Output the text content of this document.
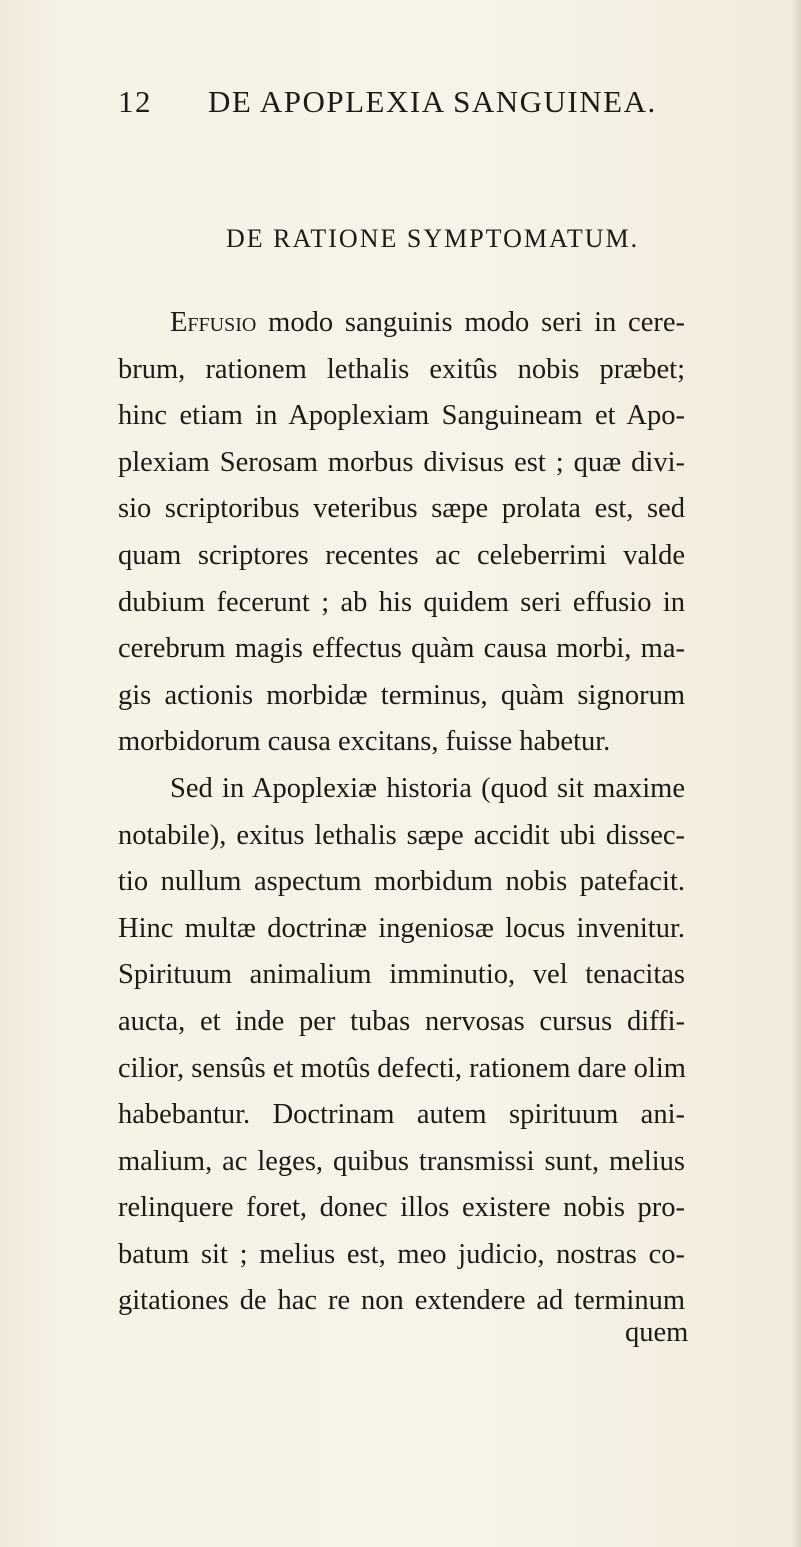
12 DE APOPLEXIA SANGUINEA.
DE RATIONE SYMPTOMATUM.
Effusio modo sanguinis modo seri in cere-
brum, rationem lethalis exitûs nobis præbet;
hinc etiam in Apoplexiam Sanguineam et Apo-
plexiam Serosam morbus divisus est ; quæ divi-
sio scriptoribus veteribus sæpe prolata est, sed
quam scriptores recentes ac celeberrimi valde
dubium fecerunt ; ab his quidem seri effusio in
cerebrum magis effectus quàm causa morbi, ma-
gis actionis morbidæ terminus, quàm signorum
morbidorum causa excitans, fuisse habetur.
Sed in Apoplexiæ historia (quod sit maxime
notabile), exitus lethalis sæpe accidit ubi dissec-
tio nullum aspectum morbidum nobis patefacit.
Hinc multæ doctrinæ ingeniosæ locus invenitur.
Spirituum animalium imminutio, vel tenacitas
aucta, et inde per tubas nervosas cursus diffi-
cilior, sensûs et motûs defecti, rationem dare olim
habebantur. Doctrinam autem spirituum ani-
malium, ac leges, quibus transmissi sunt, melius
relinquere foret, donec illos existere nobis pro-
batum sit ; melius est, meo judicio, nostras co-
gitationes de hac re non extendere ad terminum
quem
